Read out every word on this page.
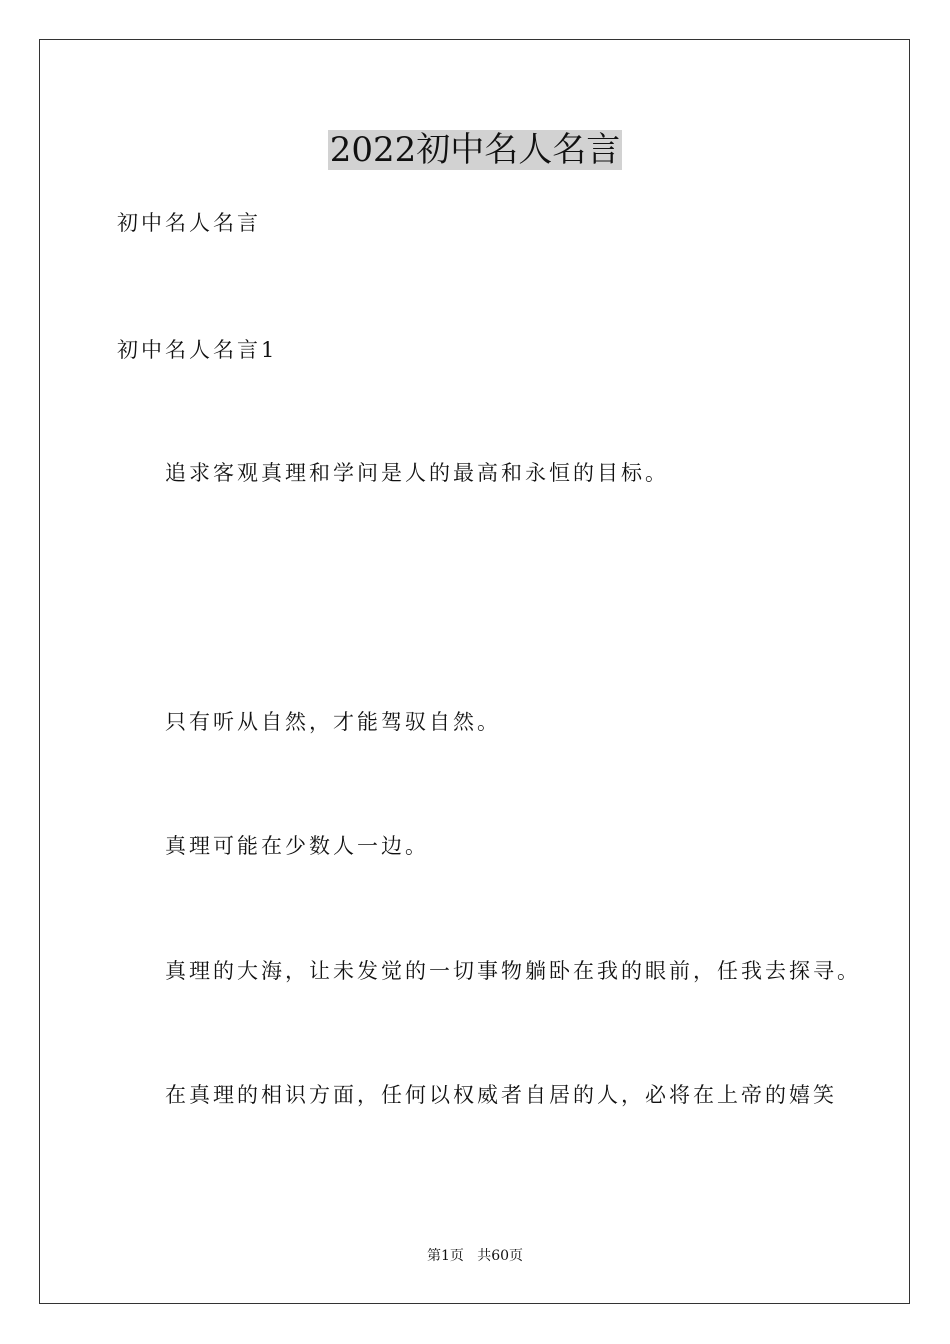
2022初中名人名言
初中名人名言
初中名人名言1
追求客观真理和学问是人的最高和永恒的目标。
只有听从自然，才能驾驭自然。
真理可能在少数人一边。
真理的大海，让未发觉的一切事物躺卧在我的眼前，任我去探寻。
在真理的相识方面，任何以权威者自居的人，必将在上帝的嬉笑
第1页   共60页
